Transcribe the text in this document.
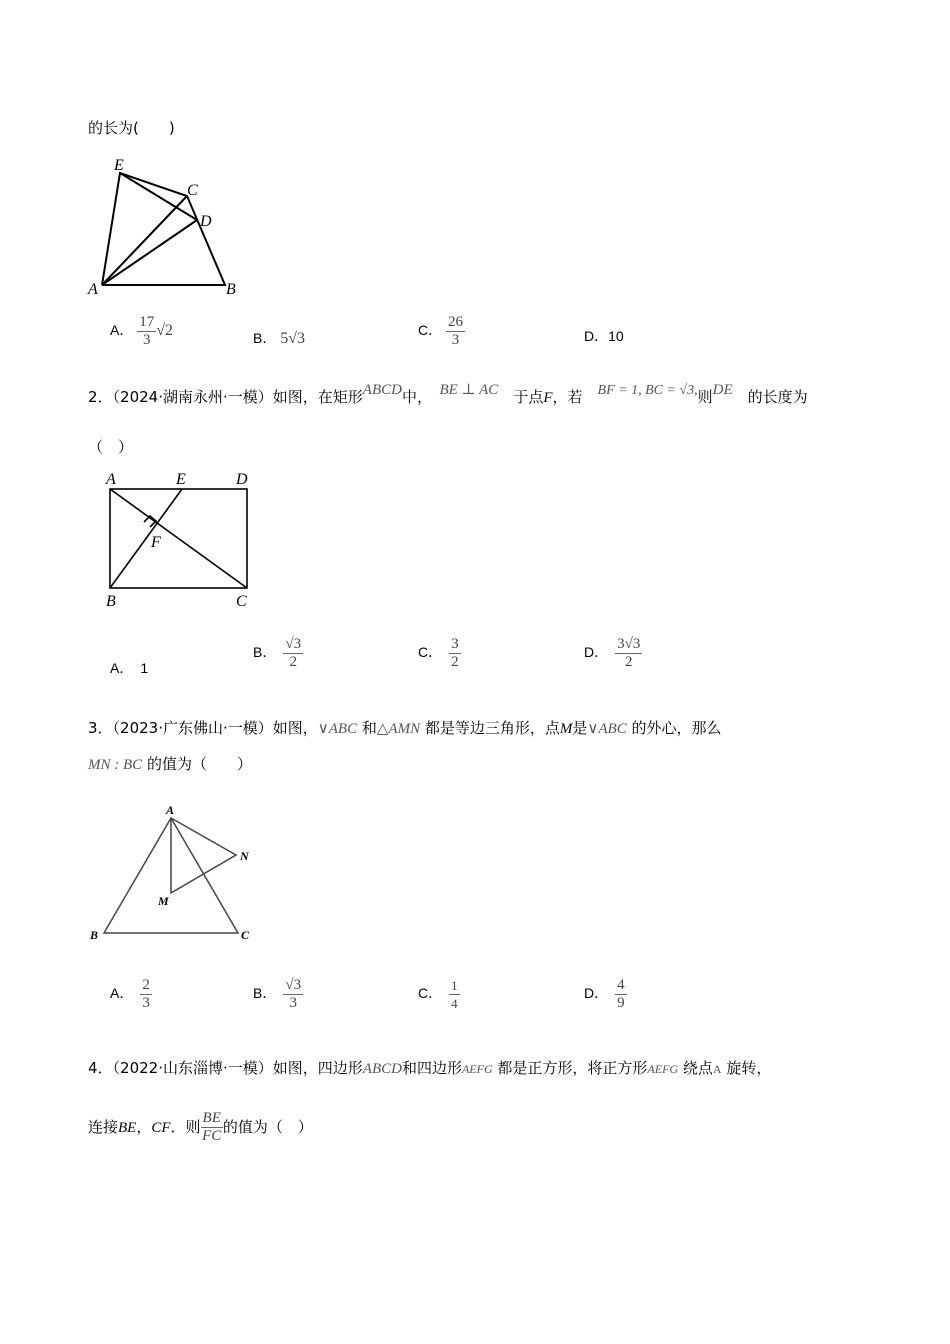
的长为(　　)
E
C
D
A	B
A	E	D
F
B	C
A
N
M
B	C
A． $\frac{17}{3} √2$	B． 5√3	C． $\frac{26}{3}$	D．10
2．（2024·湖南永州·一模）如图，在矩形ABCD中，　 BE ⊥ AC　 于点F，若　 BF = 1, BC = √3,则DE　 的长度为
（　）
A．　 1
B．　 $\frac{√3}{2}$	C．　 $\frac{3}{2}$	D．　 $\frac{3√3}{2}$
3．（2023·广东佛山·一模）如图，∨ABC 和△AMN 都是等边三角形，点M是∨ABC 的外心，那么
MN : BC 的值为（　　）
A．　 $\frac{2}{3}$	B．　 $\frac{√3}{3}$	C．　 $\frac{1}{4}$	D．　 $\frac{4}{9}$
4．（2022·山东淄博·一模）如图，四边形ABCD和四边形AEFG 都是正方形，将正方形AEFG 绕点A 旋转，
连接BE，CF．则 $\frac{BE}{FC}$ 的值为（　）
